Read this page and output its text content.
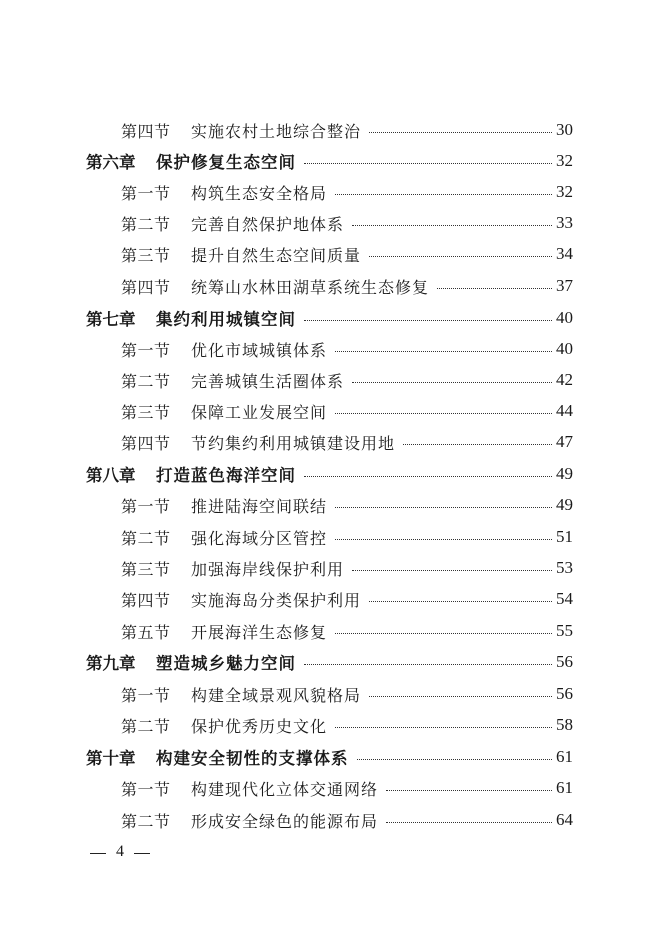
第四节	实施农村土地综合整治	30
第六章	保护修复生态空间	32
第一节	构筑生态安全格局	32
第二节	完善自然保护地体系	33
第三节	提升自然生态空间质量	34
第四节	统筹山水林田湖草系统生态修复	37
第七章	集约利用城镇空间	40
第一节	优化市域城镇体系	40
第二节	完善城镇生活圈体系	42
第三节	保障工业发展空间	44
第四节	节约集约利用城镇建设用地	47
第八章	打造蓝色海洋空间	49
第一节	推进陆海空间联结	49
第二节	强化海域分区管控	51
第三节	加强海岸线保护利用	53
第四节	实施海岛分类保护利用	54
第五节	开展海洋生态修复	55
第九章	塑造城乡魅力空间	56
第一节	构建全域景观风貌格局	56
第二节	保护优秀历史文化	58
第十章	构建安全韧性的支撑体系	61
第一节	构建现代化立体交通网络	61
第二节	形成安全绿色的能源布局	64
4
